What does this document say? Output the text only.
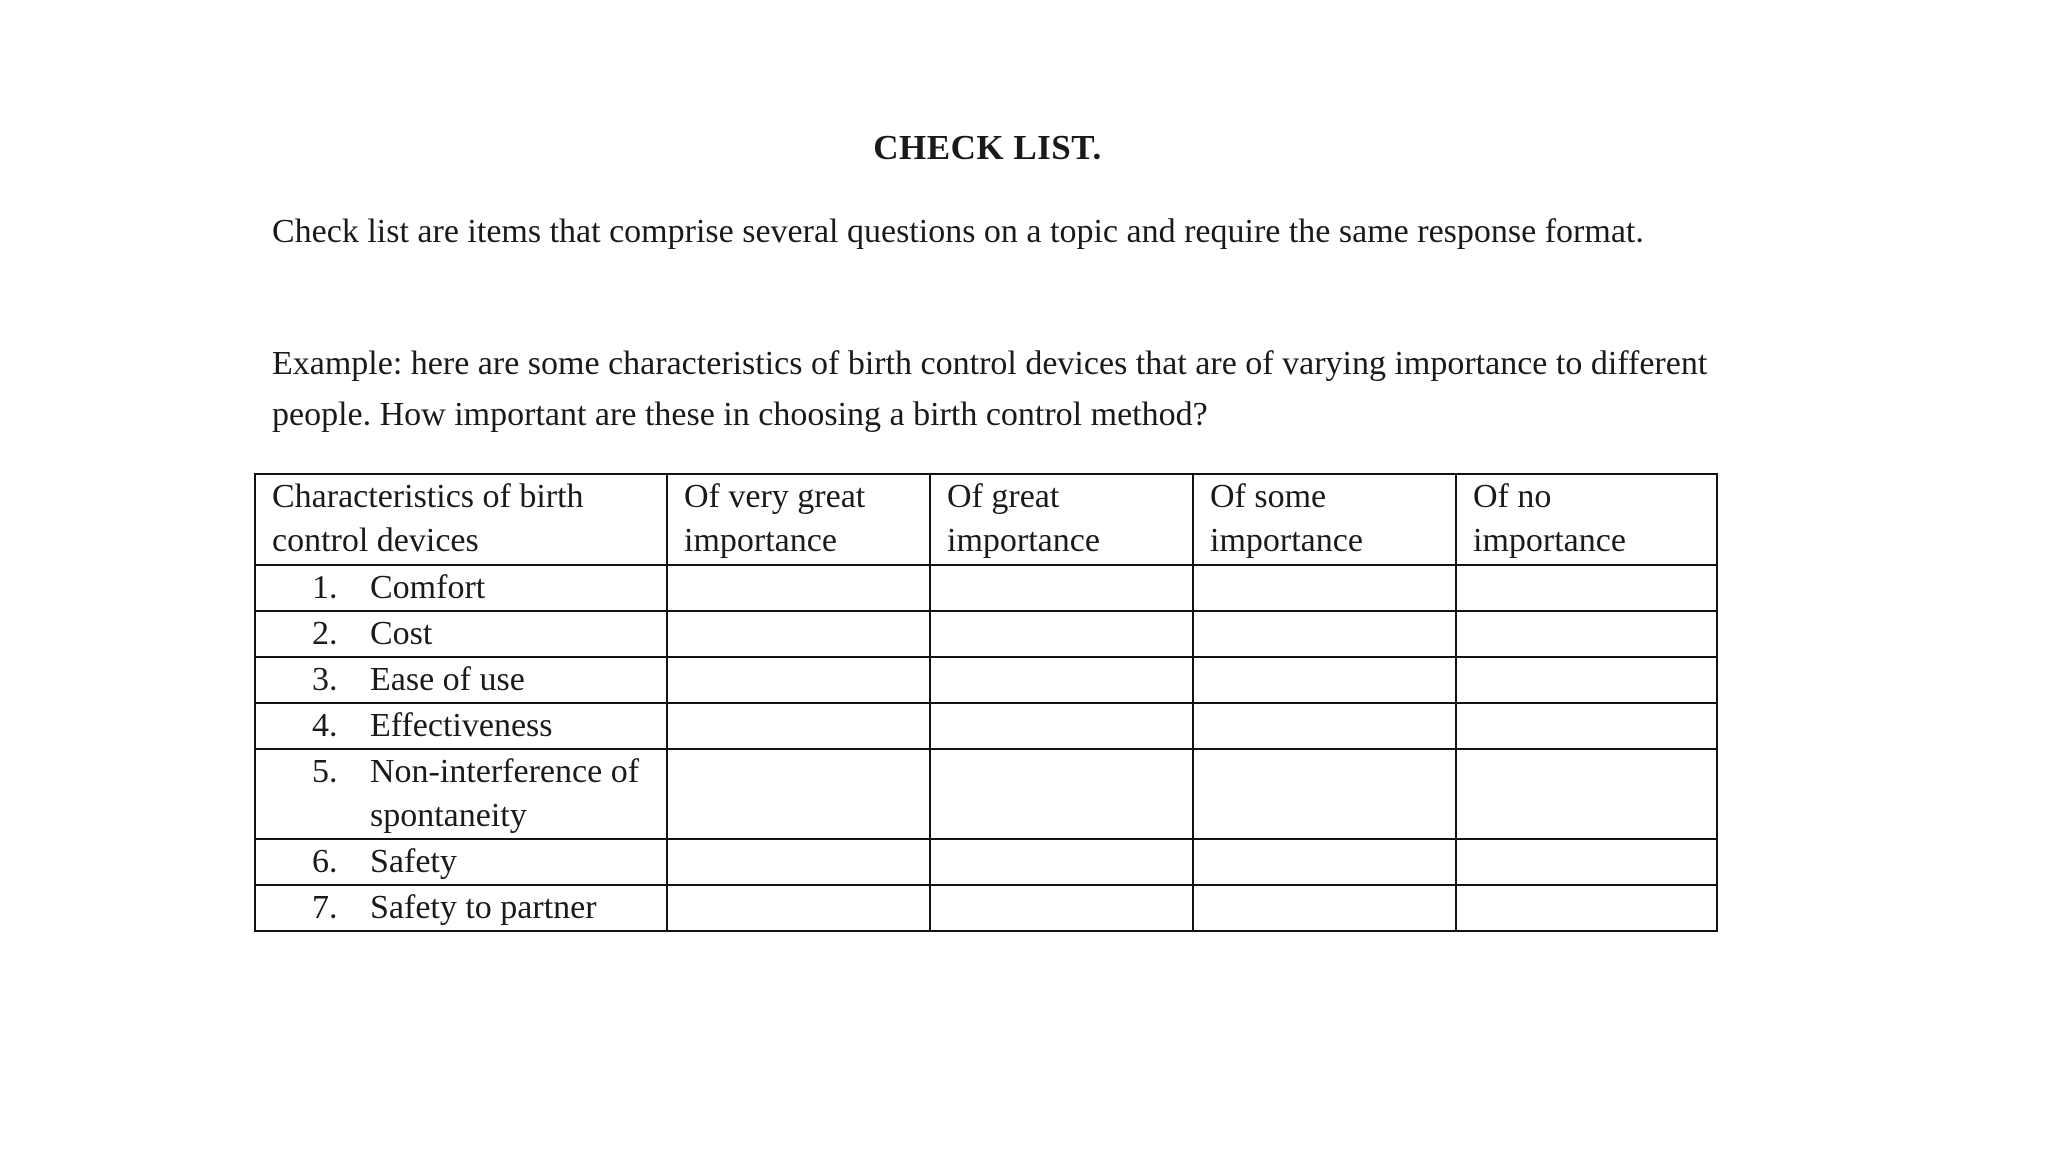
CHECK LIST.

Check list are items that comprise several questions on a topic and require the same response format.

Example: here are some characteristics of birth control devices that are of varying importance to different people. How important are these in choosing a birth control method?

Characteristics of birth control devices	Of very great importance	Of great importance	Of some importance	Of no importance

1. Comfort				

2. Cost				

3. Ease of use				

4. Effectiveness				

5. Non-interference of spontaneity				

6. Safety				

7. Safety to partner				
